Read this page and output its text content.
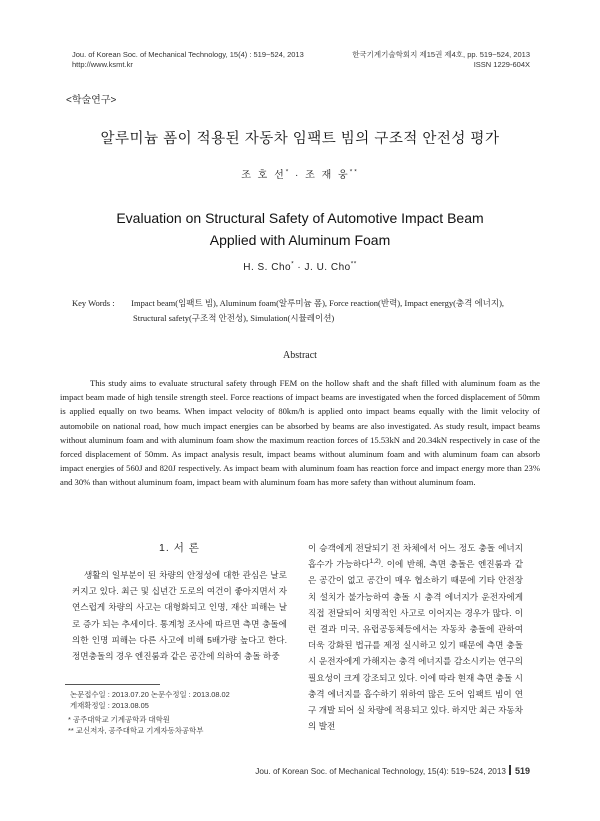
Jou. of Korean Soc. of Mechanical Technology, 15(4) : 519~524, 2013
http://www.ksmt.kr
한국기계기술학회지 제15권 제4호, pp. 519~524, 2013
ISSN 1229-604X
<학술연구>
알루미늄 폼이 적용된 자동차 임팩트 빔의 구조적 안전성 평가
조 호 선* · 조 재 웅**
Evaluation on Structural Safety of Automotive Impact Beam
Applied with Aluminum Foam
H. S. Cho* · J. U. Cho**
Key Words : Impact beam(임팩트 빔), Aluminum foam(알루미늄 폼), Force reaction(반력), Impact energy(충격 에너지),
Structural safety(구조적 안전성), Simulation(시뮬레이션)
Abstract

This study aims to evaluate structural safety through FEM on the hollow shaft and the shaft filled with aluminum foam as the impact beam made of high tensile strength steel. Force reactions of impact beams are investigated when the forced displacement of 50mm is applied equally on two beams. When impact velocity of 80km/h is applied onto impact beams equally with the limit velocity of automobile on national road, how much impact energies can be absorbed by beams are also investigated. As study result, impact beams without aluminum foam and with aluminum foam show the maximum reaction forces of 15.53kN and 20.34kN respectively in case of the forced displacement of 50mm. As impact analysis result, impact beams without aluminum foam and with aluminum foam can absorb impact energies of 560J and 820J respectively. As impact beam with aluminum foam has reaction force and impact energy more than 23% and 30% than without aluminum foam, impact beam with aluminum foam has more safety than without aluminum foam.

1. 서 론

생활의 일부분이 된 차량의 안정성에 대한 관심은 날로 커지고 있다. 최근 및 십년간 도로의 여건이 좋아지면서 자연스럽게 차량의 사고는 대형화되고 인명, 재산 피해는 날로 증가 되는 추세이다. 통계청 조사에 따르면 측면 충돌에 의한 인명 피해는 다른 사고에 비해 5배가량 높다고 한다. 정면충돌의 경우 엔진룸과 같은 공간에 의하여 충돌 하중

이 승객에게 전달되기 전 차체에서 어느 정도 충돌 에너지 흡수가 가능하다$^{1,2)}$. 이에 반해, 측면 충돌은 엔진룸과 같은 공간이 없고 공간이 매우 협소하기 때문에 기타 안전장치 설치가 불가능하여 충돌 시 충격 에너지가 운전자에게 직접 전달되어 치명적인 사고로 이어지는 경우가 많다. 이런 결과 미국, 유럽공동체등에서는 자동차 충돌에 관하여 더욱 강화된 법규를 제정 실시하고 있기 때문에 측면 충돌 시 운전자에게 가해지는 충격 에너지를 감소시키는 연구의 필요성이 크게 강조되고 있다. 이에 따라 현재 측면 충돌 시 충격 에너지를 흡수하기 위하여 많은 도어 임팩트 빔이 연구 개발 되어 실 차량에 적용되고 있다. 하지만 최근 자동차의 발전

논문접수일 : 2013.07.20 논문수정일 : 2013.08.02
게재확정일 : 2013.08.05
* 공주대학교 기계공학과 대학원
** 교신저자, 공주대학교 기계자동차공학부
Jou. of Korean Soc. of Mechanical Technology, 15(4): 519~524, 2013 519
